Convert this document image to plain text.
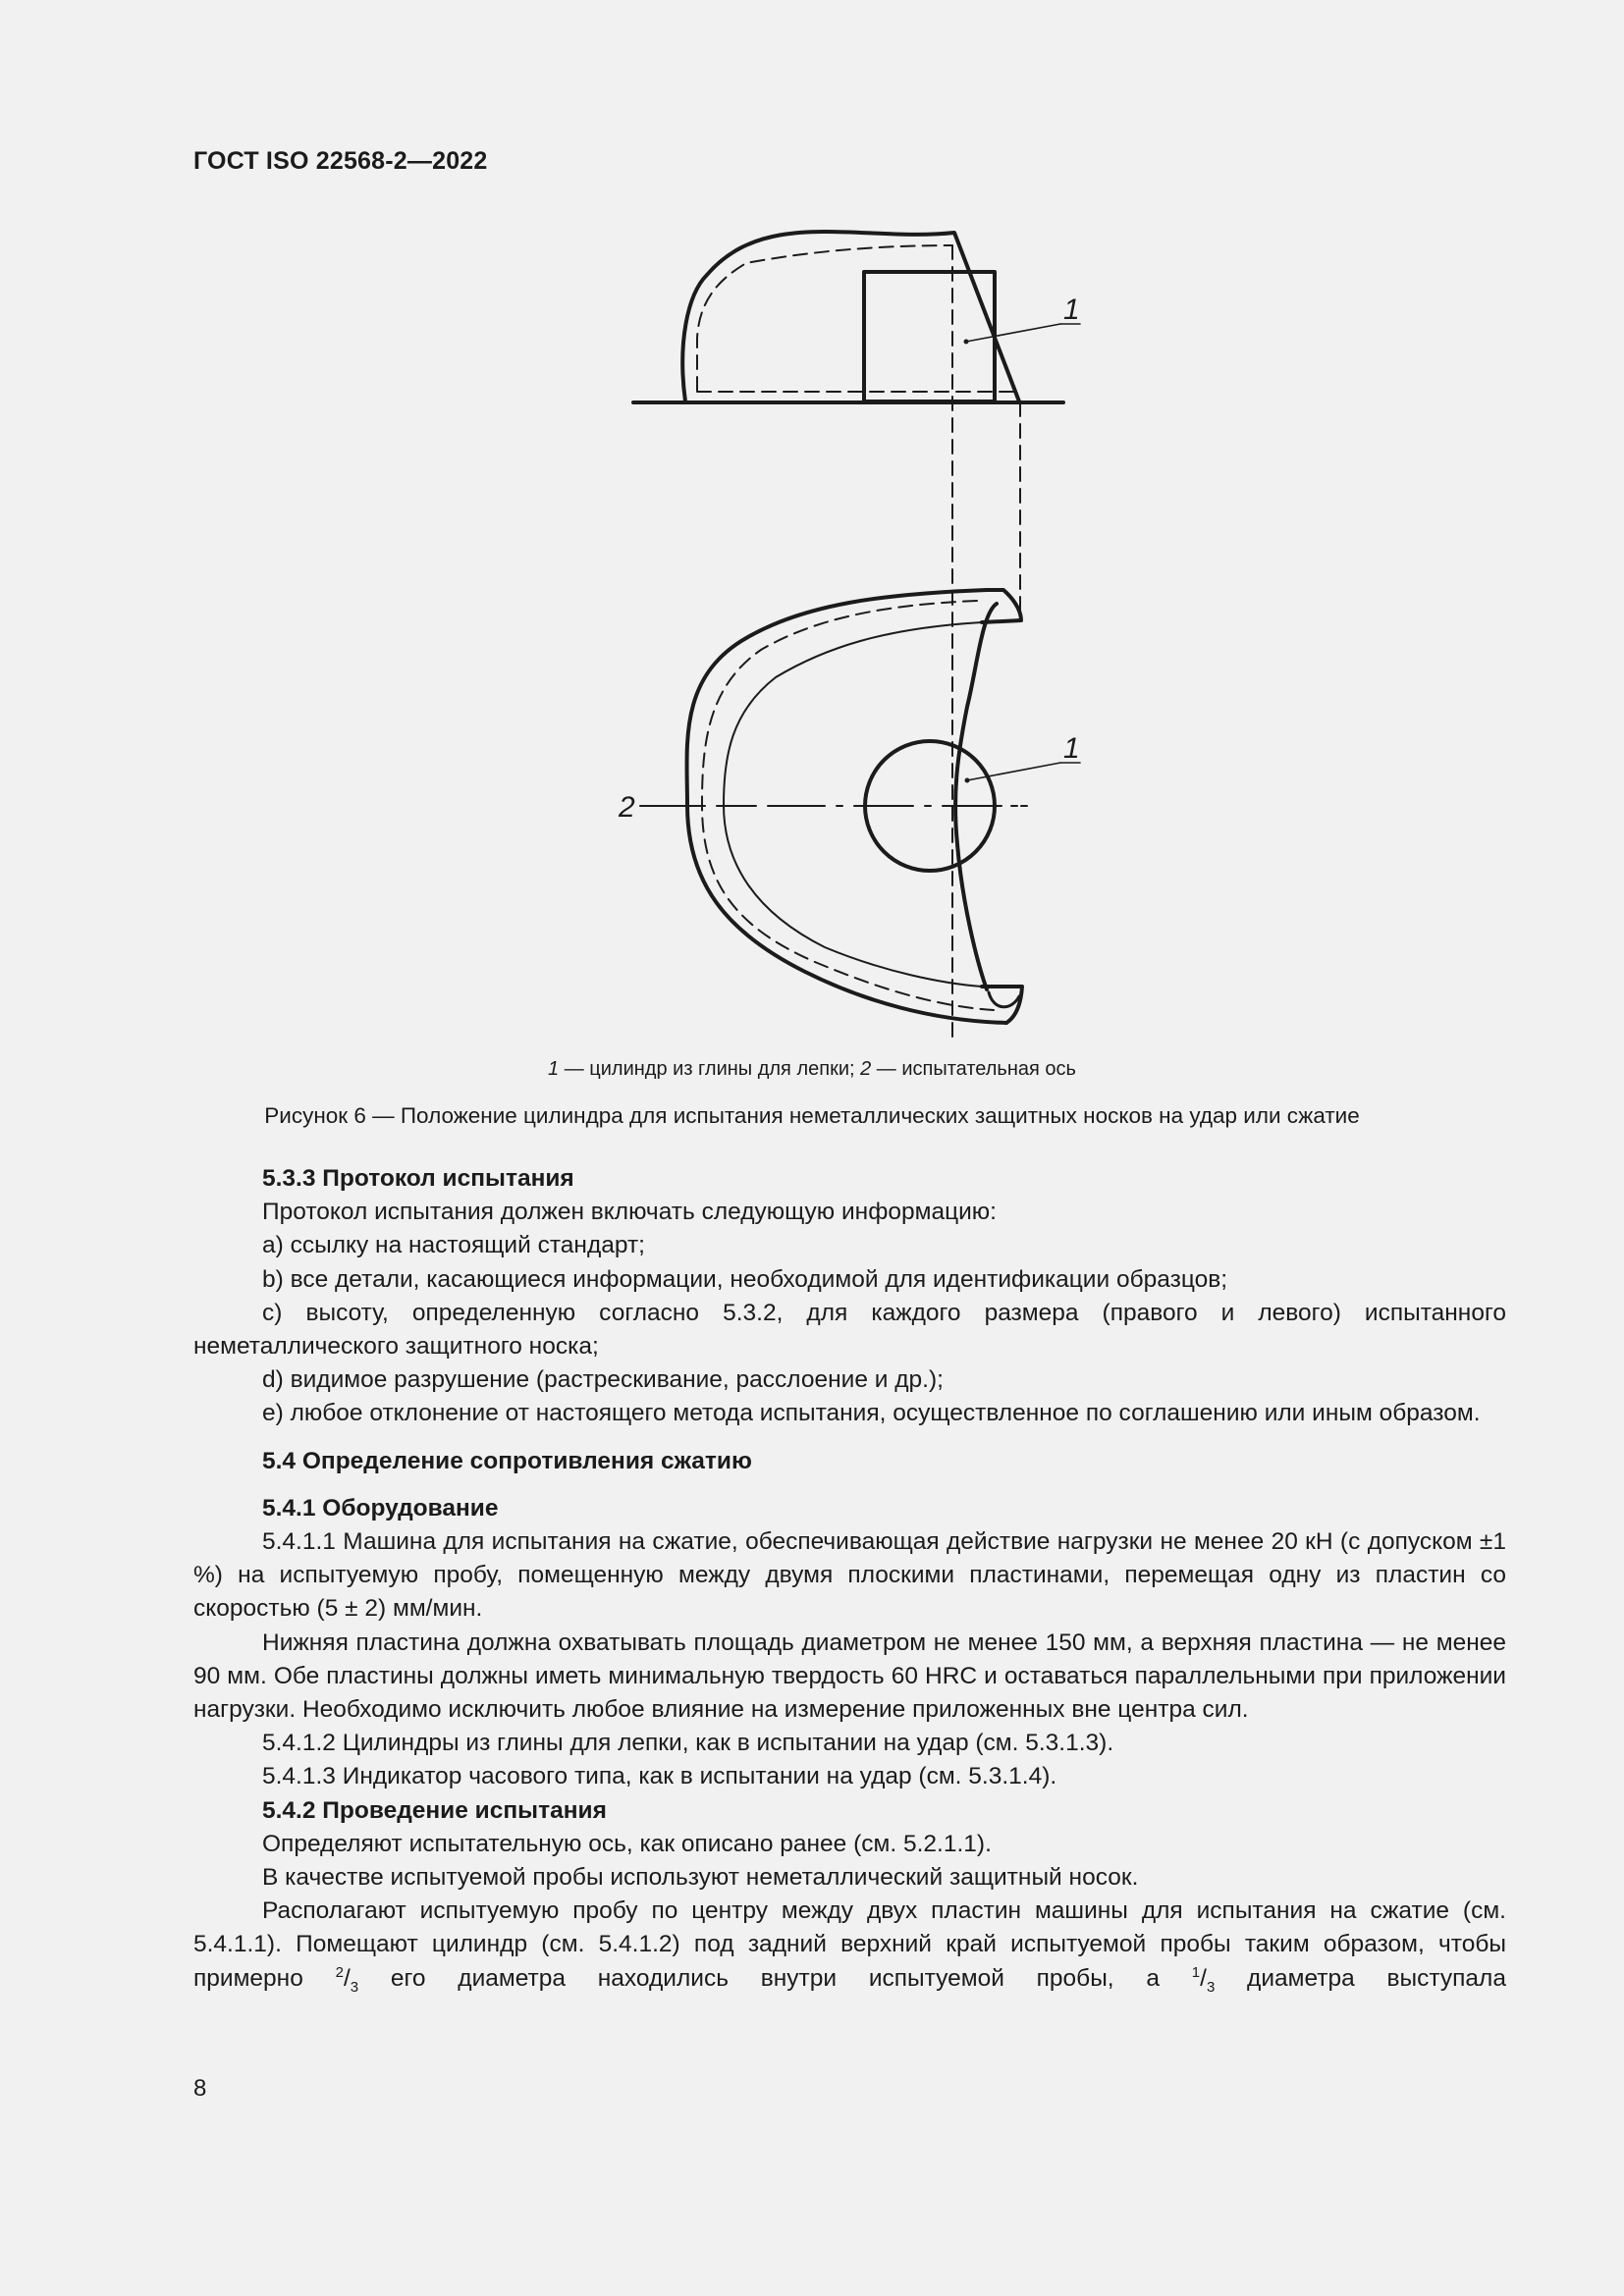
ГОСТ ISO 22568-2—2022
1
1
2
1 — цилиндр из глины для лепки; 2 — испытательная ось
Рисунок 6 — Положение цилиндра для испытания неметаллических защитных носков на удар или сжатие

5.3.3 Протокол испытания

Протокол испытания должен включать следующую информацию:

a) ссылку на настоящий стандарт;

b) все детали, касающиеся информации, необходимой для идентификации образцов;

c) высоту, определенную согласно 5.3.2, для каждого размера (правого и левого) испытанного неметаллического защитного носка;

d) видимое разрушение (растрескивание, расслоение и др.);

e) любое отклонение от настоящего метода испытания, осуществленное по соглашению или иным образом.

5.4 Определение сопротивления сжатию

5.4.1 Оборудование

5.4.1.1 Машина для испытания на сжатие, обеспечивающая действие нагрузки не менее 20 кН (с допуском ±1 %) на испытуемую пробу, помещенную между двумя плоскими пластинами, перемещая одну из пластин со скоростью (5 ± 2) мм/мин.

Нижняя пластина должна охватывать площадь диаметром не менее 150 мм, а верхняя пластина — не менее 90 мм. Обе пластины должны иметь минимальную твердость 60 HRC и оставаться параллельными при приложении нагрузки. Необходимо исключить любое влияние на измерение приложенных вне центра сил.

5.4.1.2 Цилиндры из глины для лепки, как в испытании на удар (см. 5.3.1.3).

5.4.1.3 Индикатор часового типа, как в испытании на удар (см. 5.3.1.4).

5.4.2 Проведение испытания

Определяют испытательную ось, как описано ранее (см. 5.2.1.1).

В качестве испытуемой пробы используют неметаллический защитный носок.

Располагают испытуемую пробу по центру между двух пластин машины для испытания на сжатие (см. 5.4.1.1). Помещают цилиндр (см. 5.4.1.2) под задний верхний край испытуемой пробы таким образом, чтобы примерно $^2/_3$ его диаметра находились внутри испытуемой пробы, а $^1/_3$ диаметра выступала

8
